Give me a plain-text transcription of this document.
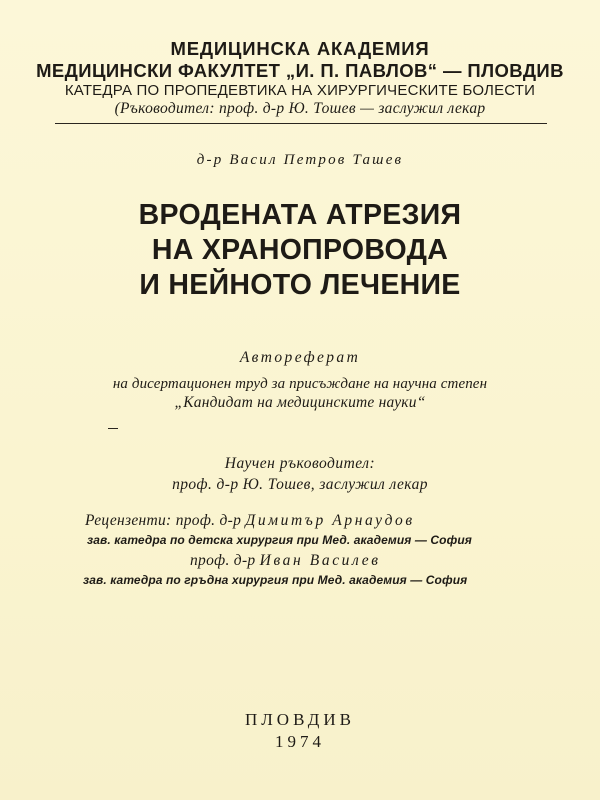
МЕДИЦИНСКА АКАДЕМИЯ
МЕДИЦИНСКИ ФАКУЛТЕТ „И. П. ПАВЛОВ“ — ПЛОВДИВ
КАТЕДРА ПО ПРОПЕДЕВТИКА НА ХИРУРГИЧЕСКИТЕ БОЛЕСТИ
(Ръководител: проф. д-р Ю. Тошев — заслужил лекар
д-р Васил Петров Ташев
ВРОДЕНАТА АТРЕЗИЯ
НА ХРАНОПРОВОДА
И НЕЙНОТО ЛЕЧЕНИЕ
Автореферат
на дисертационен труд за присъждане на научна степен
„Кандидат на медицинските науки“
Научен ръководител:
проф. д-р Ю. Тошев, заслужил лекар
Рецензенти: проф. д-р Димитър Арнаудов
зав. катедра по детска хирургия при Мед. академия — София
проф. д-р Иван Василев
зав. катедра по гръдна хирургия при Мед. академия — София
ПЛОВДИВ
1974
